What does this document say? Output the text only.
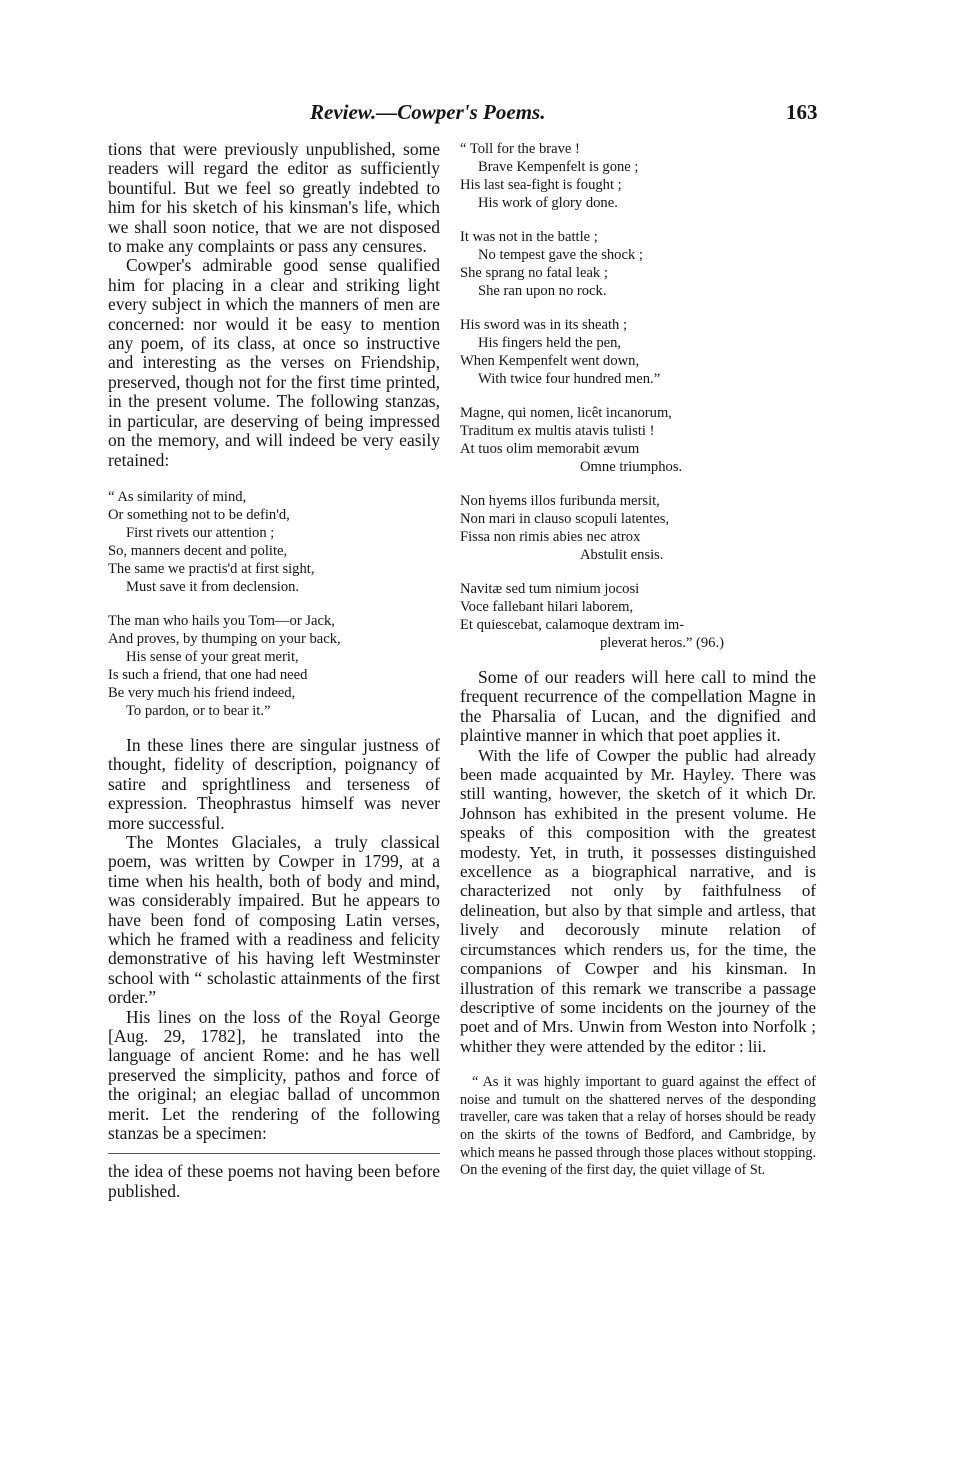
Review.—Cowper's Poems.	163

tions that were previously unpublished, some readers will regard the editor as sufficiently bountiful. But we feel so greatly indebted to him for his sketch of his kinsman's life, which we shall soon notice, that we are not disposed to make any complaints or pass any censures.

Cowper's admirable good sense qualified him for placing in a clear and striking light every subject in which the manners of men are concerned: nor would it be easy to mention any poem, of its class, at once so instructive and interesting as the verses on Friendship, preserved, though not for the first time printed, in the present volume. The following stanzas, in particular, are deserving of being impressed on the memory, and will indeed be very easily retained:

“ As similarity of mind,
Or something not to be defin'd,
First rivets our attention ;
So, manners decent and polite,
The same we practis'd at first sight,
Must save it from declension.
The man who hails you Tom—or Jack,
And proves, by thumping on your back,
His sense of your great merit,
Is such a friend, that one had need
Be very much his friend indeed,
To pardon, or to bear it.”

In these lines there are singular justness of thought, fidelity of description, poignancy of satire and sprightliness and terseness of expression. Theophrastus himself was never more successful.

The Montes Glaciales, a truly classical poem, was written by Cowper in 1799, at a time when his health, both of body and mind, was considerably impaired. But he appears to have been fond of composing Latin verses, which he framed with a readiness and felicity demonstrative of his having left Westminster school with “ scholastic attainments of the first order.”

His lines on the loss of the Royal George [Aug. 29, 1782], he translated into the language of ancient Rome: and he has well preserved the simplicity, pathos and force of the original; an elegiac ballad of uncommon merit. Let the rendering of the following stanzas be a specimen:

the idea of these poems not having been before published.

“ Toll for the brave !
Brave Kempenfelt is gone ;
His last sea-fight is fought ;
His work of glory done.
It was not in the battle ;
No tempest gave the shock ;
She sprang no fatal leak ;
She ran upon no rock.
His sword was in its sheath ;
His fingers held the pen,
When Kempenfelt went down,
With twice four hundred men.”
Magne, qui nomen, licêt incanorum,
Traditum ex multis atavis tulisti !
At tuos olim memorabit ævum
Omne triumphos.
Non hyems illos furibunda mersit,
Non mari in clauso scopuli latentes,
Fissa non rimis abies nec atrox
Abstulit ensis.
Navitæ sed tum nimium jocosi
Voce fallebant hilari laborem,
Et quiescebat, calamoque dextram im-
pleverat heros.” (96.)

Some of our readers will here call to mind the frequent recurrence of the compellation Magne in the Pharsalia of Lucan, and the dignified and plaintive manner in which that poet applies it.

With the life of Cowper the public had already been made acquainted by Mr. Hayley. There was still wanting, however, the sketch of it which Dr. Johnson has exhibited in the present volume. He speaks of this composition with the greatest modesty. Yet, in truth, it possesses distinguished excellence as a biographical narrative, and is characterized not only by faithfulness of delineation, but also by that simple and artless, that lively and decorously minute relation of circumstances which renders us, for the time, the companions of Cowper and his kinsman. In illustration of this remark we transcribe a passage descriptive of some incidents on the journey of the poet and of Mrs. Unwin from Weston into Norfolk ; whither they were attended by the editor : lii.

“ As it was highly important to guard against the effect of noise and tumult on the shattered nerves of the desponding traveller, care was taken that a relay of horses should be ready on the skirts of the towns of Bedford, and Cambridge, by which means he passed through those places without stopping. On the evening of the first day, the quiet village of St.
